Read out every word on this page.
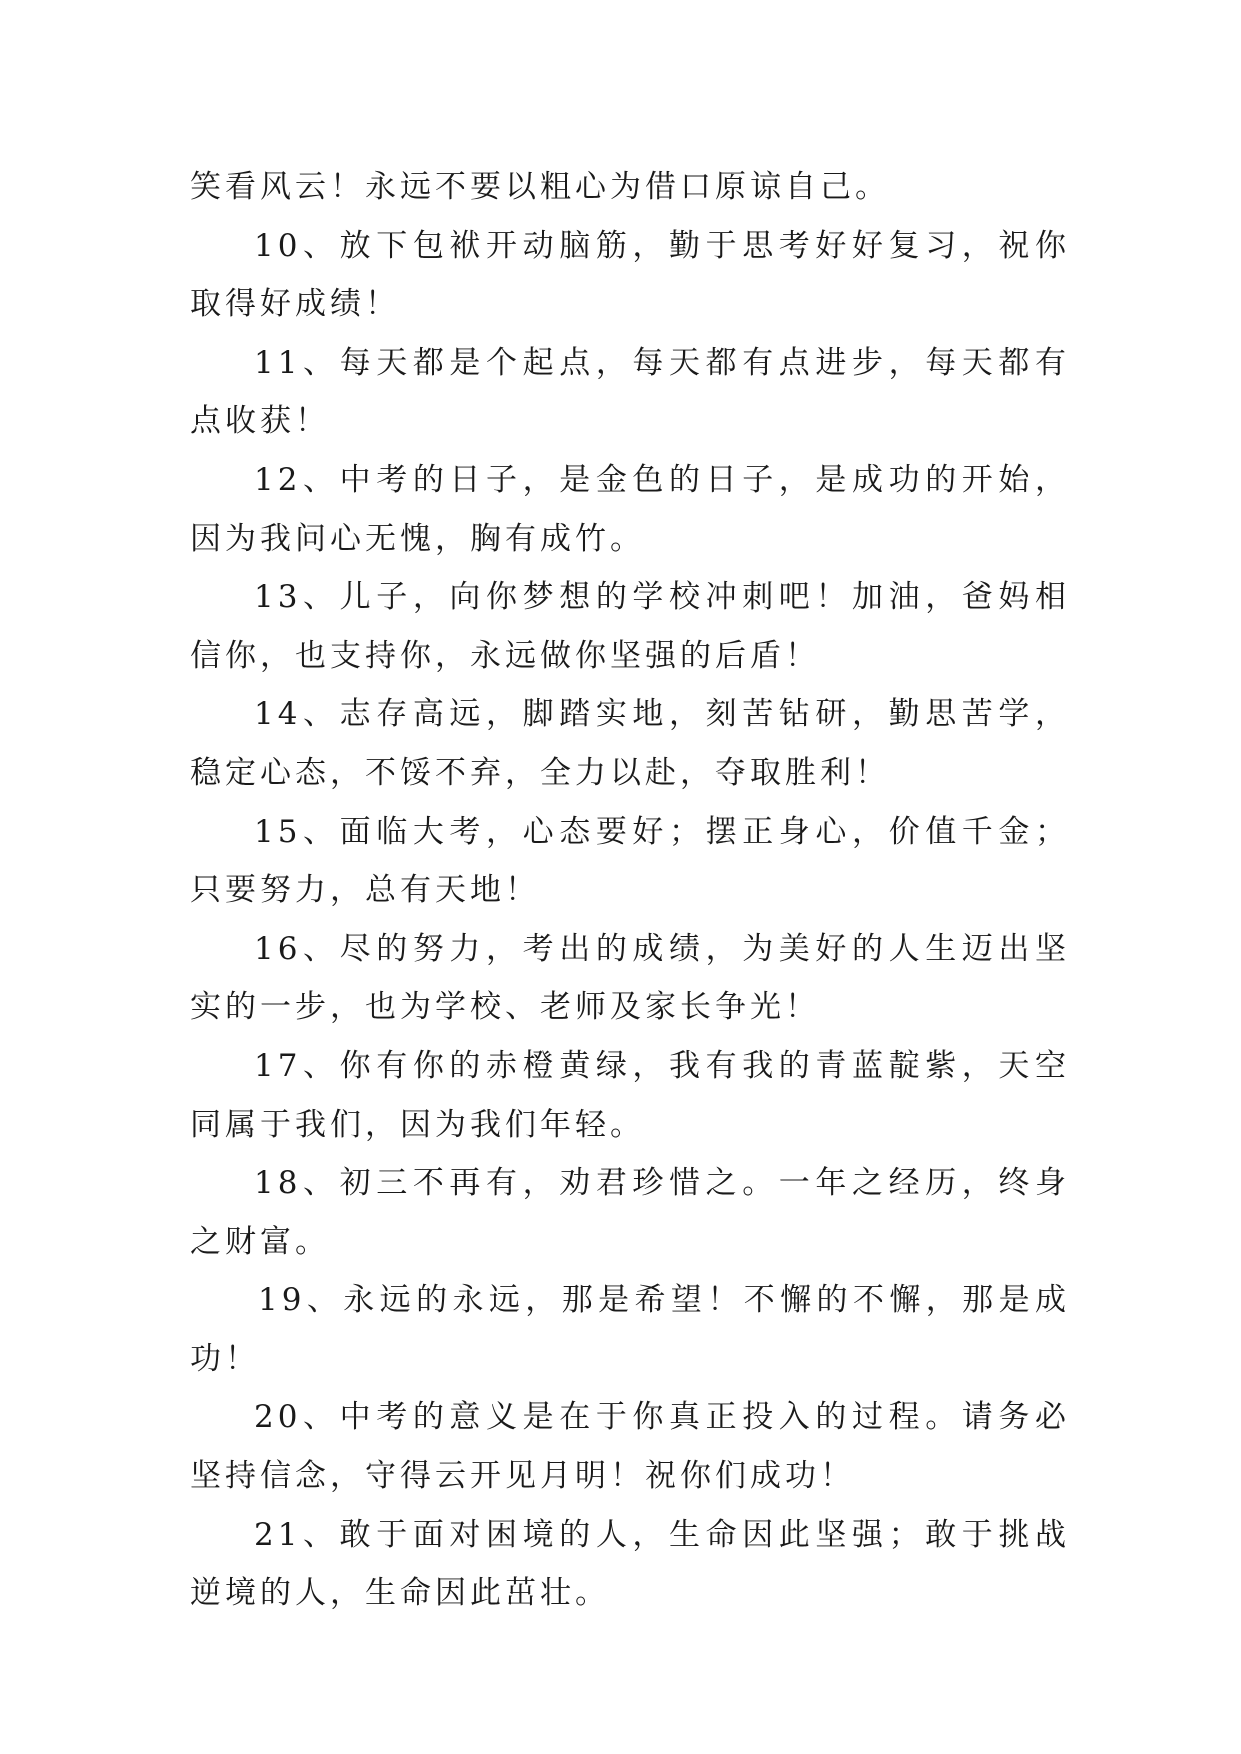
笑看风云！永远不要以粗心为借口原谅自己。

10、放下包袱开动脑筋，勤于思考好好复习，祝你取得好成绩！

11、每天都是个起点，每天都有点进步，每天都有点收获！

12、中考的日子，是金色的日子，是成功的开始，因为我问心无愧，胸有成竹。

13、儿子，向你梦想的学校冲刺吧！加油，爸妈相信你，也支持你，永远做你坚强的后盾！

14、志存高远，脚踏实地，刻苦钻研，勤思苦学，稳定心态，不馁不弃，全力以赴，夺取胜利！

15、面临大考，心态要好；摆正身心，价值千金；只要努力，总有天地！

16、尽的努力，考出的成绩，为美好的人生迈出坚实的一步，也为学校、老师及家长争光！

17、你有你的赤橙黄绿，我有我的青蓝靛紫，天空同属于我们，因为我们年轻。

18、初三不再有，劝君珍惜之。一年之经历，终身之财富。

19、永远的永远，那是希望！不懈的不懈，那是成功！

20、中考的意义是在于你真正投入的过程。请务必坚持信念，守得云开见月明！祝你们成功！

21、敢于面对困境的人，生命因此坚强；敢于挑战逆境的人，生命因此茁壮。
